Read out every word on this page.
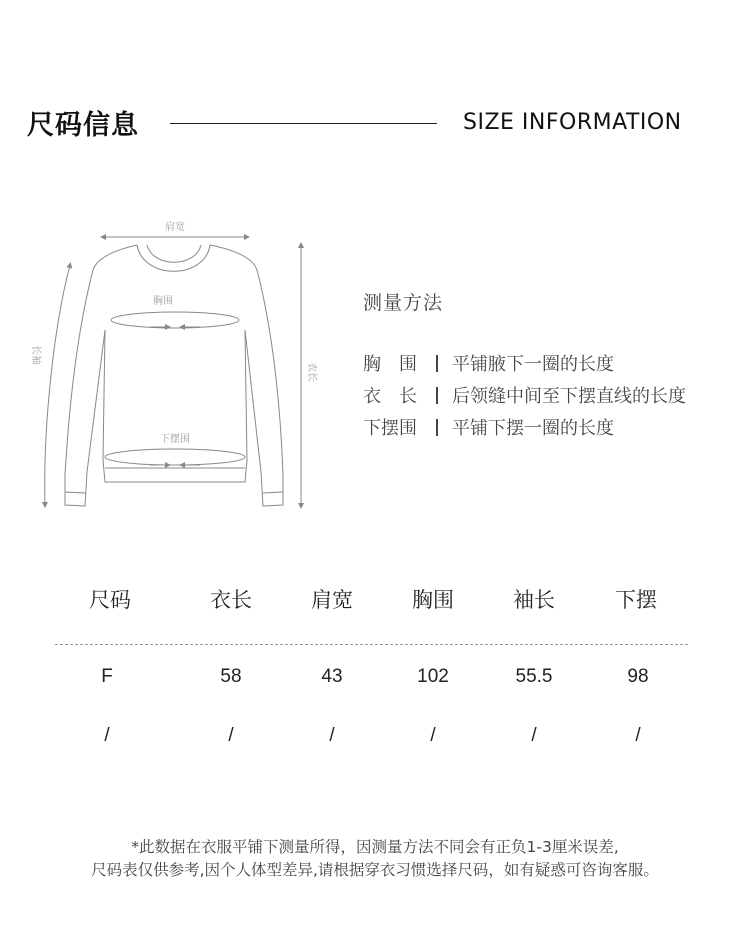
尺码信息	SIZE INFORMATION
肩宽
胸围
下摆围
长袖
衣长
测量方法
胸　围	平铺腋下一圈的长度
衣　长	后领缝中间至下摆直线的长度
下摆围	平铺下摆一圈的长度
尺码	衣长	肩宽	胸围	袖长	下摆
F	58	43	102	55.5	98
/	/	/	/	/	/
*此数据在衣服平铺下测量所得，因测量方法不同会有正负1-3厘米误差,
尺码表仅供参考,因个人体型差异,请根据穿衣习惯选择尺码，如有疑惑可咨询客服。
